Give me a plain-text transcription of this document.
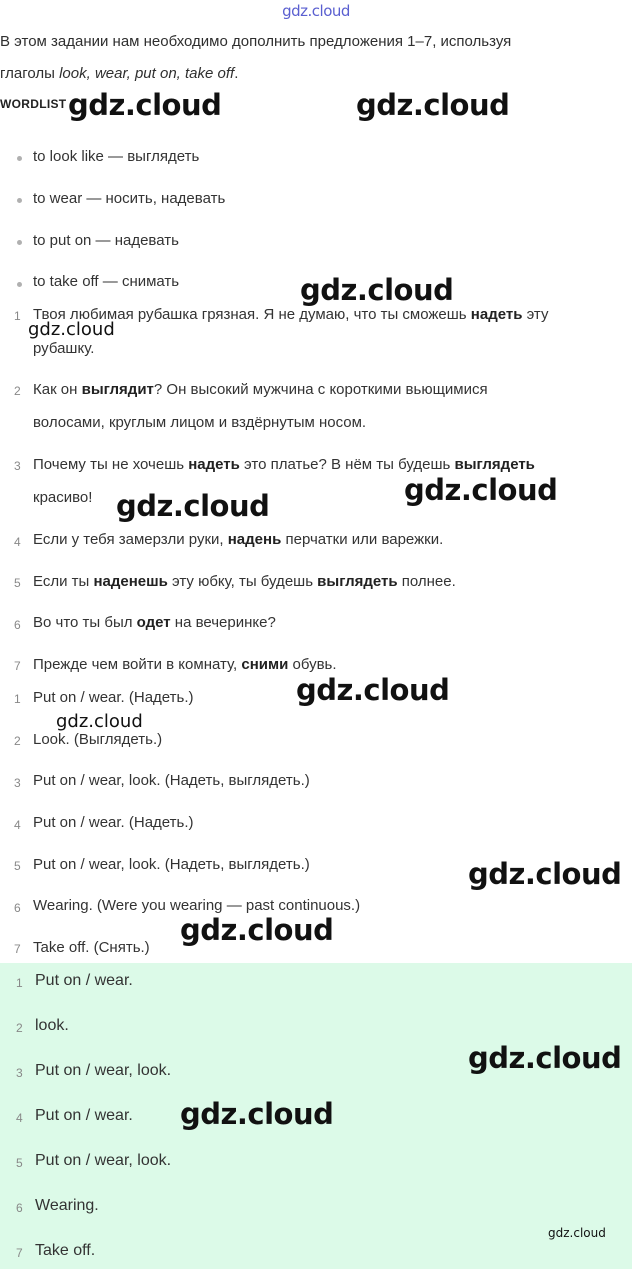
gdz.cloud
В этом задании нам необходимо дополнить предложения 1–7, используя
глаголы look, wear, put on, take off.
WORDLIST
to look like — выглядеть
to wear — носить, надевать
to put on — надевать
to take off — снимать
1 Твоя любимая рубашка грязная. Я не думаю, что ты сможешь надеть эту
рубашку.
2 Как он выглядит? Он высокий мужчина с короткими вьющимися
волосами, круглым лицом и вздёрнутым носом.
3 Почему ты не хочешь надеть это платье? В нём ты будешь выглядеть
красиво!
4 Если у тебя замерзли руки, надень перчатки или варежки.
5 Если ты наденешь эту юбку, ты будешь выглядеть полнее.
6 Во что ты был одет на вечеринке?
7 Прежде чем войти в комнату, сними обувь.
1 Put on / wear. (Надеть.)
2 Look. (Выглядеть.)
3 Put on / wear, look. (Надеть, выглядеть.)
4 Put on / wear. (Надеть.)
5 Put on / wear, look. (Надеть, выглядеть.)
6 Wearing. (Were you wearing — past continuous.)
7 Take off. (Снять.)
1 Put on / wear.
2 look.
3 Put on / wear, look.
4 Put on / wear.
5 Put on / wear, look.
6 Wearing.
7 Take off.
gdz.cloud	gdz.cloud
gdz.cloud
gdz.cloud
gdz.cloud
gdz.cloud
gdz.cloud
gdz.cloud
gdz.cloud
gdz.cloud
gdz.cloud
gdz.cloud
gdz.cloud
